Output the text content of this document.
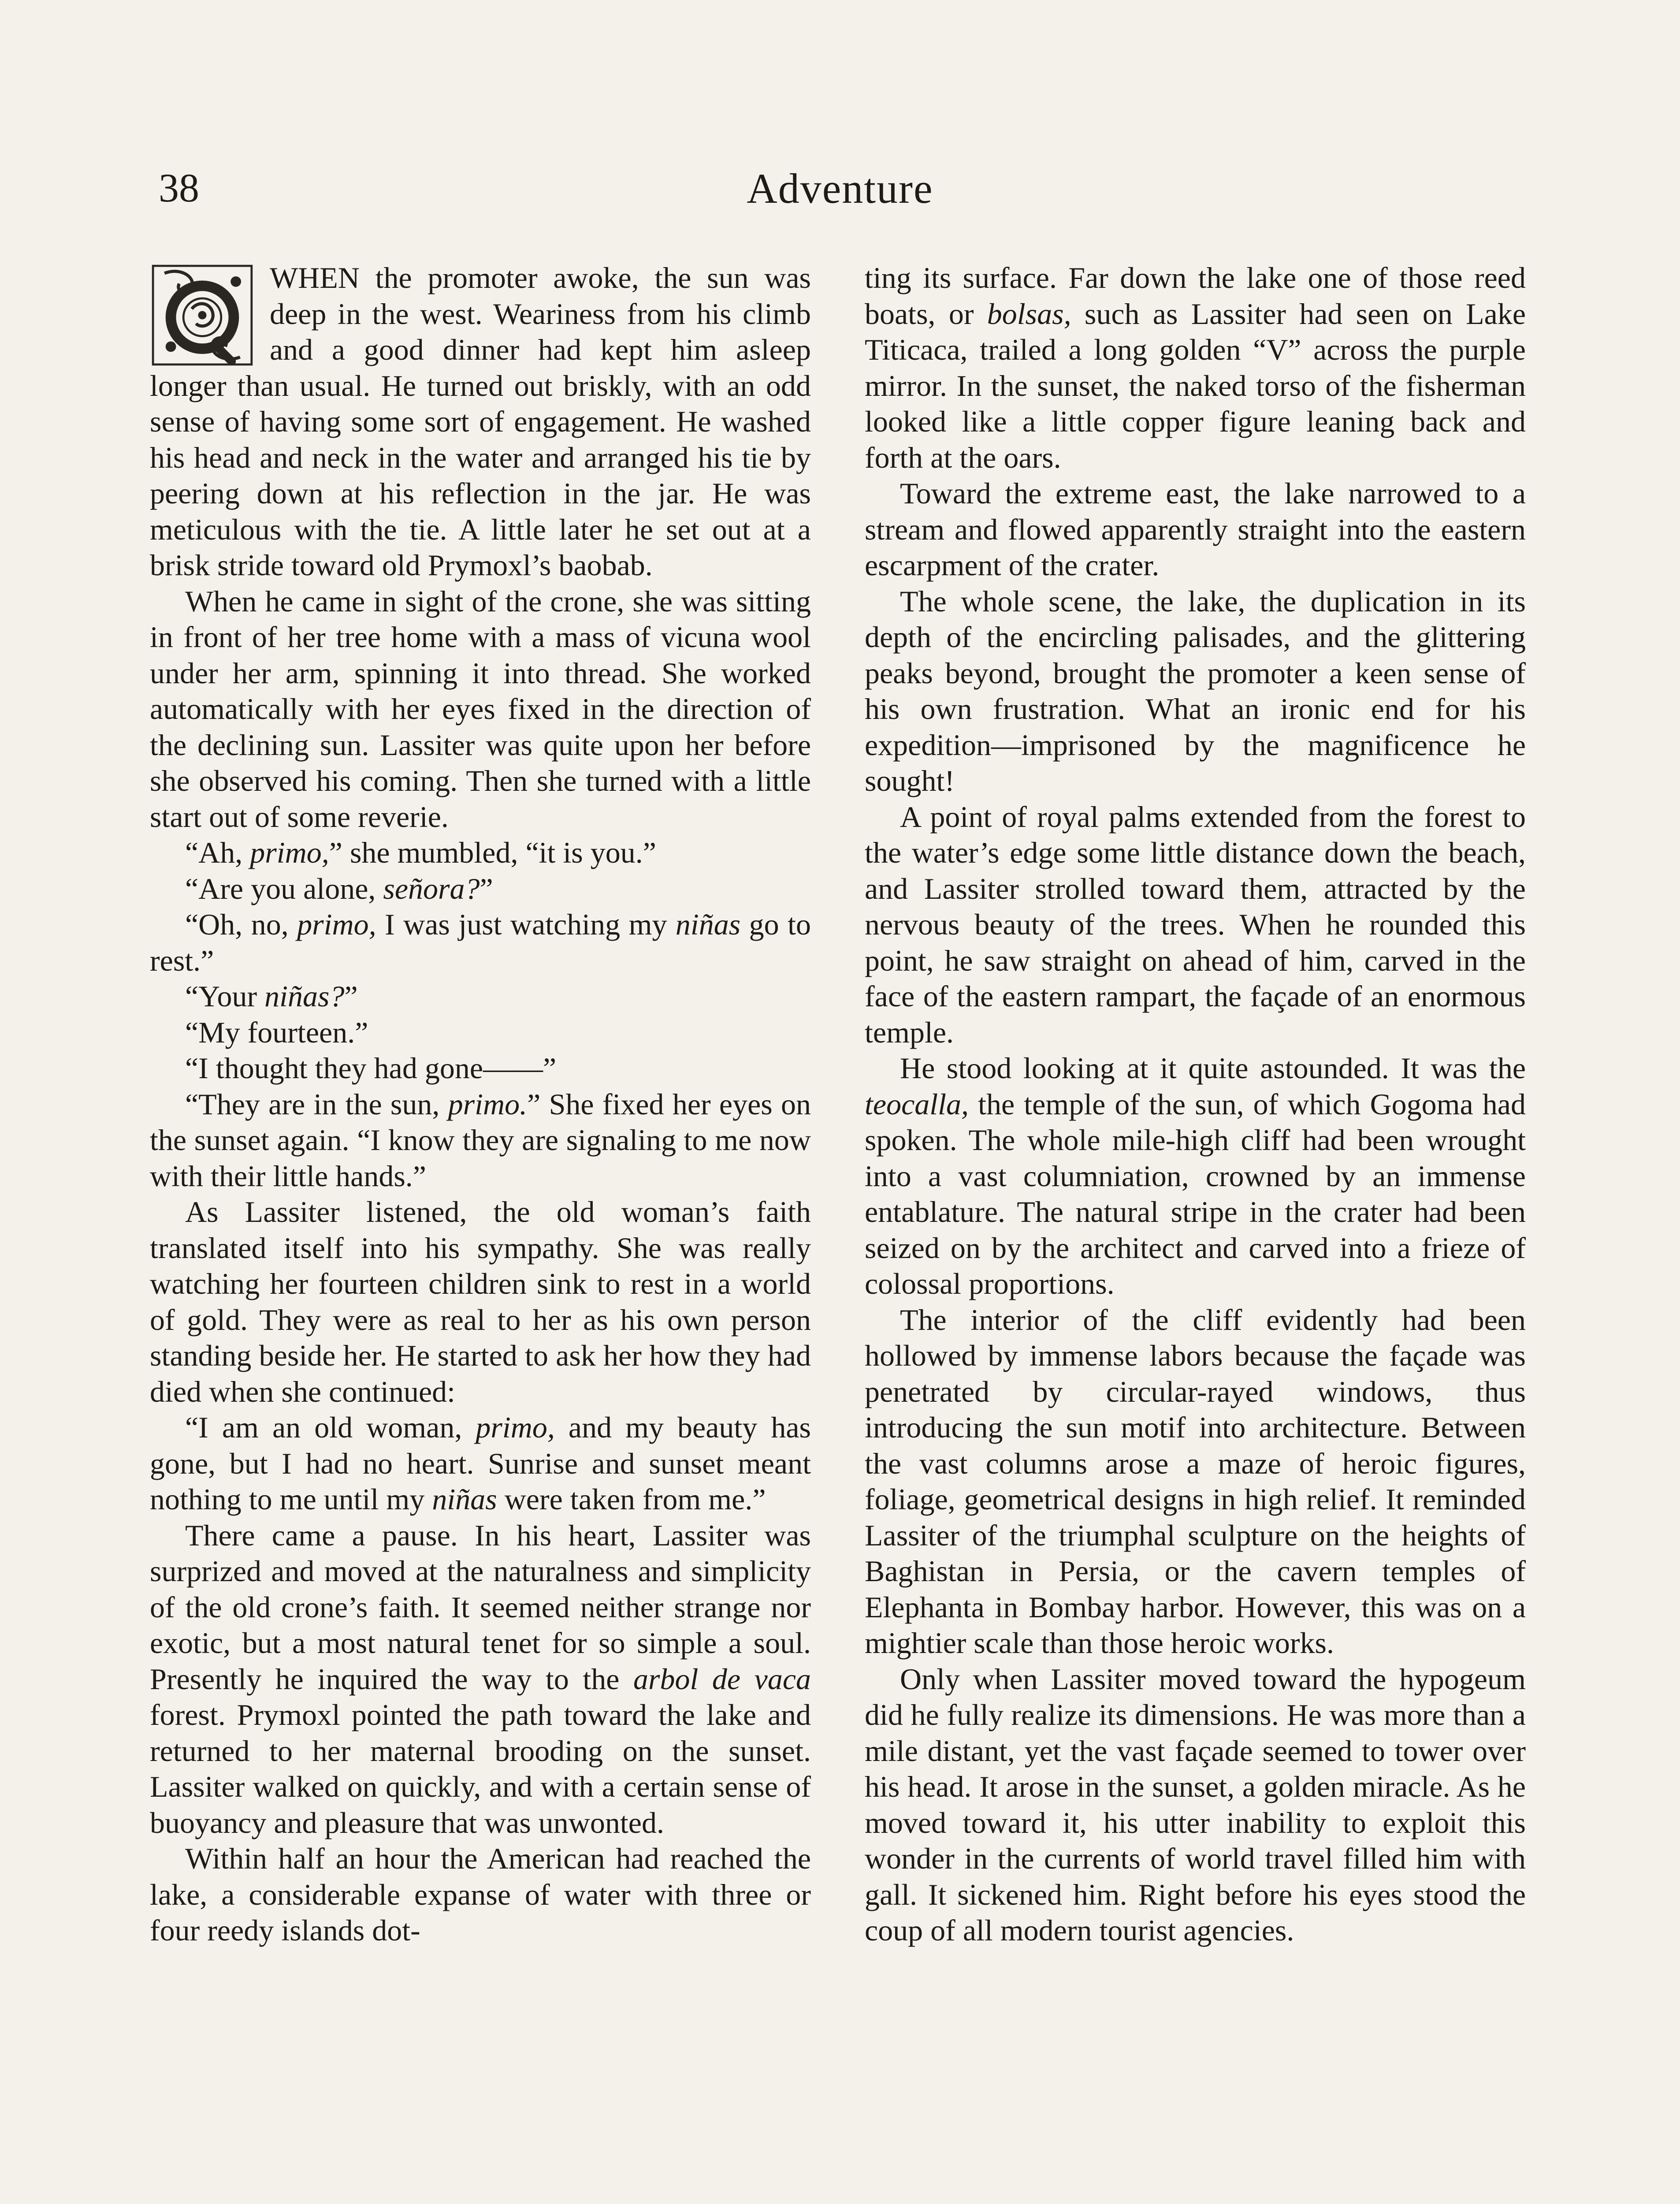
38	Adventure

WHEN the promoter awoke, the sun was deep in the west. Weariness from his climb and a good dinner had kept him asleep longer than usual. He turned out briskly, with an odd sense of having some sort of engagement. He washed his head and neck in the water and arranged his tie by peering down at his reflection in the jar. He was meticulous with the tie. A little later he set out at a brisk stride toward old Prymoxl’s baobab.

When he came in sight of the crone, she was sitting in front of her tree home with a mass of vicuna wool under her arm, spinning it into thread. She worked automatically with her eyes fixed in the direction of the declining sun. Lassiter was quite upon her before she observed his coming. Then she turned with a little start out of some reverie.

“Ah, primo,” she mumbled, “it is you.”

“Are you alone, señora?”

“Oh, no, primo, I was just watching my niñas go to rest.”

“Your niñas?”

“My fourteen.”

“I thought they had gone——”

“They are in the sun, primo.” She fixed her eyes on the sunset again. “I know they are signaling to me now with their little hands.”

As Lassiter listened, the old woman’s faith translated itself into his sympathy. She was really watching her fourteen children sink to rest in a world of gold. They were as real to her as his own person standing beside her. He started to ask her how they had died when she continued:

“I am an old woman, primo, and my beauty has gone, but I had no heart. Sunrise and sunset meant nothing to me until my niñas were taken from me.”

There came a pause. In his heart, Lassiter was surprized and moved at the naturalness and simplicity of the old crone’s faith. It seemed neither strange nor exotic, but a most natural tenet for so simple a soul. Presently he inquired the way to the arbol de vaca forest. Prymoxl pointed the path toward the lake and returned to her maternal brooding on the sunset. Lassiter walked on quickly, and with a certain sense of buoyancy and pleasure that was unwonted.

Within half an hour the American had reached the lake, a considerable expanse of water with three or four reedy islands dot-

ting its surface. Far down the lake one of those reed boats, or bolsas, such as Lassiter had seen on Lake Titicaca, trailed a long golden “V” across the purple mirror. In the sunset, the naked torso of the fisherman looked like a little copper figure leaning back and forth at the oars.

Toward the extreme east, the lake narrowed to a stream and flowed apparently straight into the eastern escarpment of the crater.

The whole scene, the lake, the duplication in its depth of the encircling palisades, and the glittering peaks beyond, brought the promoter a keen sense of his own frustration. What an ironic end for his expedition—imprisoned by the magnificence he sought!

A point of royal palms extended from the forest to the water’s edge some little distance down the beach, and Lassiter strolled toward them, attracted by the nervous beauty of the trees. When he rounded this point, he saw straight on ahead of him, carved in the face of the eastern rampart, the façade of an enormous temple.

He stood looking at it quite astounded. It was the teocalla, the temple of the sun, of which Gogoma had spoken. The whole mile-high cliff had been wrought into a vast columniation, crowned by an immense entablature. The natural stripe in the crater had been seized on by the architect and carved into a frieze of colossal proportions.

The interior of the cliff evidently had been hollowed by immense labors because the façade was penetrated by circular-rayed windows, thus introducing the sun motif into architecture. Between the vast columns arose a maze of heroic figures, foliage, geometrical designs in high relief. It reminded Lassiter of the triumphal sculpture on the heights of Baghistan in Persia, or the cavern temples of Elephanta in Bombay harbor. However, this was on a mightier scale than those heroic works.

Only when Lassiter moved toward the hypogeum did he fully realize its dimensions. He was more than a mile distant, yet the vast façade seemed to tower over his head. It arose in the sunset, a golden miracle. As he moved toward it, his utter inability to exploit this wonder in the currents of world travel filled him with gall. It sickened him. Right before his eyes stood the coup of all modern tourist agencies.
